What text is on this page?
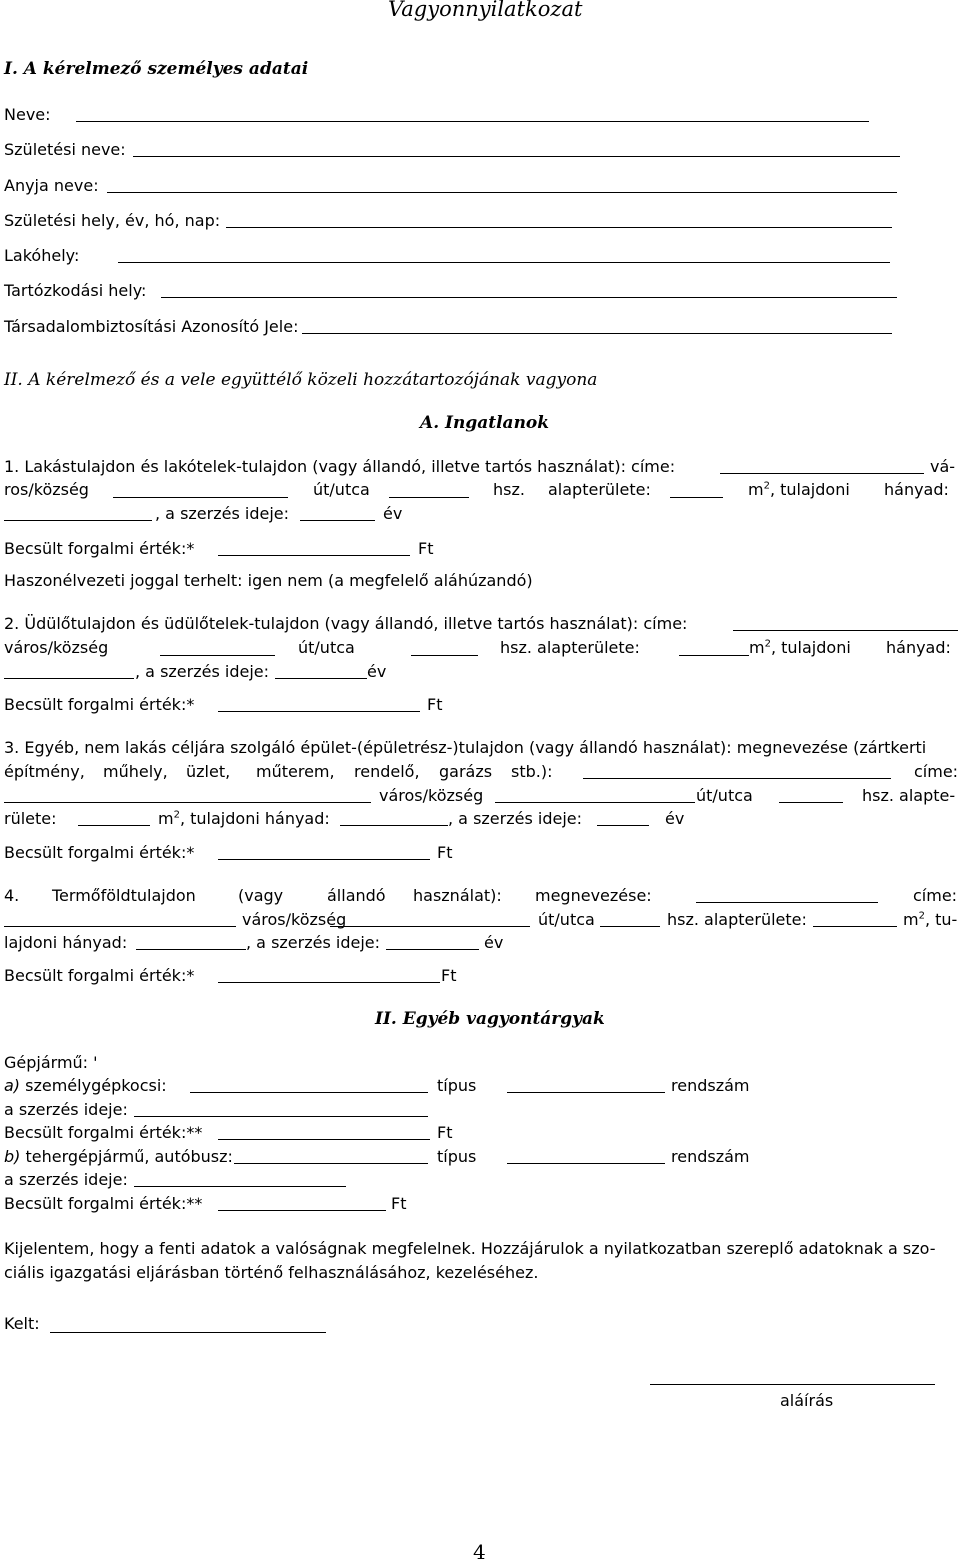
Vagyonnyilatkozat
I. A kérelmező személyes adatai
Neve:
Születési neve:
Anyja neve:
Születési hely, év, hó, nap:
Lakóhely:
Tartózkodási hely:
Társadalombiztosítási Azonosító Jele:
II. A kérelmező és a vele együttélő közeli hozzátartozójának vagyona
A. Ingatlanok
1. Lakástulajdon és lakótelek-tulajdon (vagy állandó, illetve tartós használat): címe:	vá-
ros/község	út/utca	hsz. alapterülete:	$m^2$, tulajdoni hányad:
, a szerzés ideje:	év
Becsült forgalmi érték:*	Ft
Haszonélvezeti joggal terhelt: igen nem (a megfelelő aláhúzandó)
2. Üdülőtulajdon és üdülőtelek-tulajdon (vagy állandó, illetve tartós használat): címe:
város/község	út/utca	hsz. alapterülete:	$m^2$, tulajdoni hányad:
, a szerzés ideje:	év
Becsült forgalmi érték:*	Ft
3. Egyéb, nem lakás céljára szolgáló épület-(épületrész-)tulajdon (vagy állandó használat): megnevezése (zártkerti
építmény, műhely, üzlet, műterem, rendelő, garázs stb.):	címe:
város/község	út/utca	hsz. alapte-
rülete:	$m^2$, tulajdoni hányad:	, a szerzés ideje:	év
Becsült forgalmi érték:*	Ft
4. Termőföldtulajdon	(vagy	állandó használat): megnevezése:	címe:
város/község	út/utca	hsz. alapterülete:	$m^2$, tu-
lajdoni hányad:	, a szerzés ideje:	év
Becsült forgalmi érték:*	Ft
II. Egyéb vagyontárgyak
Gépjármű: '
a) személygépkocsi:	típus	rendszám
a szerzés ideje:
Becsült forgalmi érték:**	Ft
b) tehergépjármű, autóbusz:	típus	rendszám
a szerzés ideje:
Becsült forgalmi érték:**	Ft
Kijelentem, hogy a fenti adatok a valóságnak megfelelnek. Hozzájárulok a nyilatkozatban szereplő adatoknak a szo-
ciális igazgatási eljárásban történő felhasználásához, kezeléséhez.
Kelt:
aláírás
4
